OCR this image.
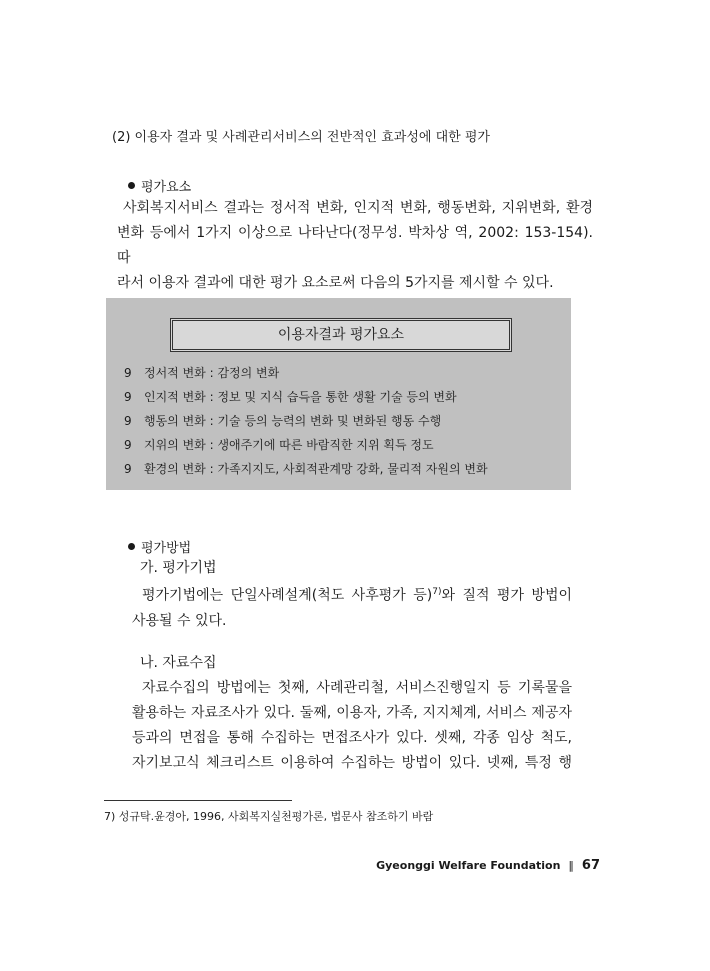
(2) 이용자 결과 및 사례관리서비스의 전반적인 효과성에 대한 평가
평가요소
사회복지서비스 결과는 정서적 변화, 인지적 변화, 행동변화, 지위변화, 환경
변화 등에서 1가지 이상으로 나타난다(정무성. 박차상 역, 2002: 153-154). 따
라서 이용자 결과에 대한 평가 요소로써 다음의 5가지를 제시할 수 있다.
이용자결과 평가요소
9 정서적 변화 : 감정의 변화
9 인지적 변화 : 정보 및 지식 습득을 통한 생활 기술 등의 변화
9 행동의 변화 : 기술 등의 능력의 변화 및 변화된 행동 수행
9 지위의 변화 : 생애주기에 따른 바람직한 지위 획득 정도
9 환경의 변화 : 가족지지도, 사회적관계망 강화, 물리적 자원의 변화
평가방법
가. 평가기법
평가기법에는 단일사례설계(척도 사후평가 등)$^{7)}$와 질적 평가 방법이
사용될 수 있다.
나. 자료수집
자료수집의 방법에는 첫째, 사례관리철, 서비스진행일지 등 기록물을
활용하는 자료조사가 있다. 둘째, 이용자, 가족, 지지체계, 서비스 제공자
등과의 면접을 통해 수집하는 면접조사가 있다. 셋째, 각종 임상 척도,
자기보고식 체크리스트 이용하여 수집하는 방법이 있다. 넷째, 특정 행
7) 성규탁.윤경아, 1996, 사회복지실천평가론, 법문사 참조하기 바람
Gyeonggi Welfare Foundation ‖ 67
